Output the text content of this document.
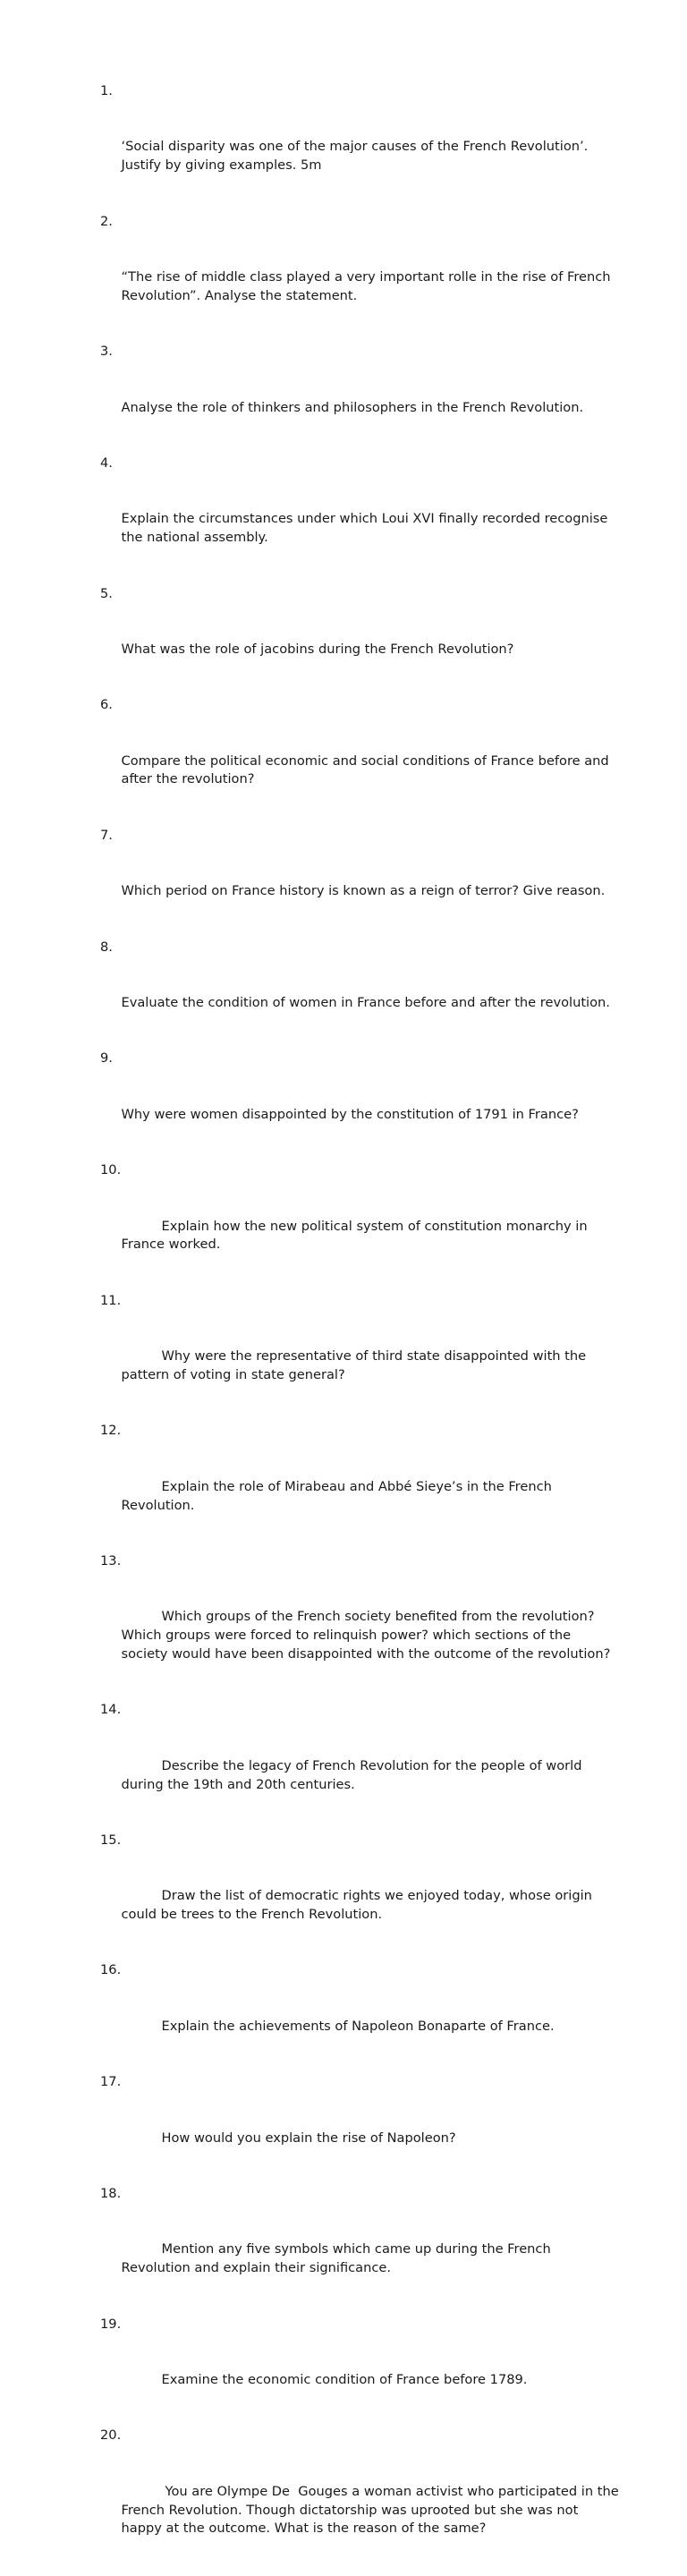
1.

‘Social disparity was one of the major causes of the French Revolution’. Justify by giving examples. 5m

2.

“The rise of middle class played a very important rolle in the rise of French Revolution”. Analyse the statement.

3.

Analyse the role of thinkers and philosophers in the French Revolution.

4.

Explain the circumstances under which Loui XVI finally recorded recognise the national assembly.

5.

What was the role of jacobins during the French Revolution?

6.

Compare the political economic and social conditions of France before and after the revolution?

7.

Which period on France history is known as a reign of terror? Give reason.

8.

Evaluate the condition of women in France before and after the revolution.

9.

Why were women disappointed by the constitution of 1791 in France?

10.

Explain how the new political system of constitution monarchy in France worked.

11.

Why were the representative of third state disappointed with the pattern of voting in state general?

12.

Explain the role of Mirabeau and Abbé Sieye’s in the French Revolution.

13.

Which groups of the French society benefited from the revolution? Which groups were forced to relinquish power? which sections of the society would have been disappointed with the outcome of the revolution?

14.

Describe the legacy of French Revolution for the people of world during the 19th and 20th centuries.

15.

Draw the list of democratic rights we enjoyed today, whose origin could be trees to the French Revolution.

16.

Explain the achievements of Napoleon Bonaparte of France.

17.

How would you explain the rise of Napoleon?

18.

Mention any five symbols which came up during the French Revolution and explain their significance.

19.

Examine the economic condition of France before 1789.

20.

You are Olympe De  Gouges a woman activist who participated in the French Revolution. Though dictatorship was uprooted but she was not happy at the outcome. What is the reason of the same?
